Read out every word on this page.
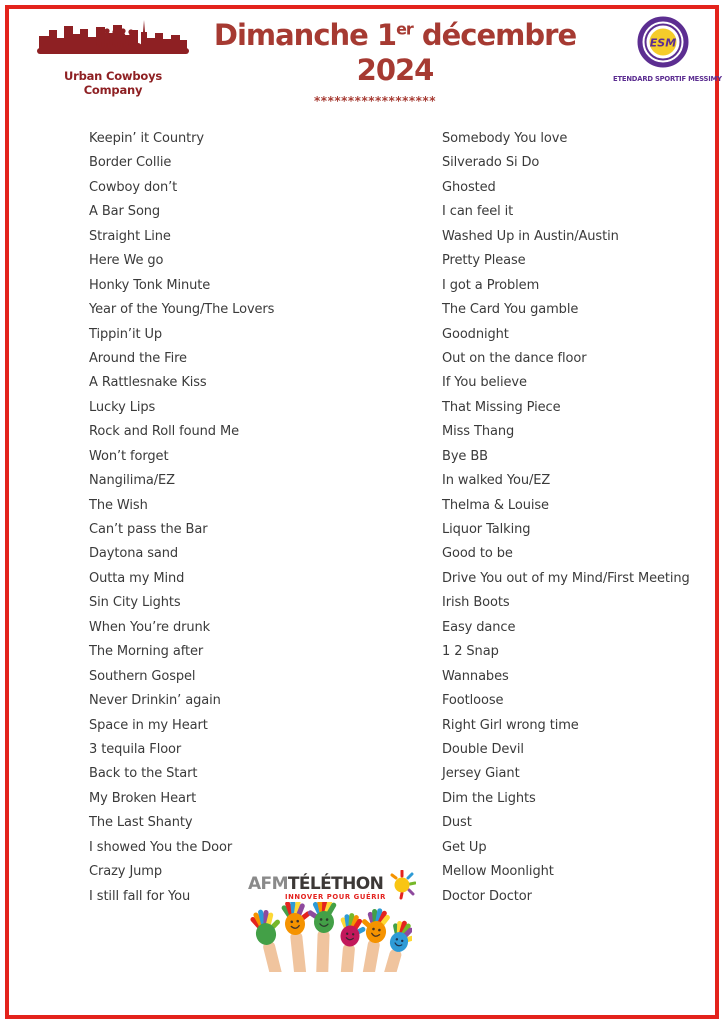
Urban Cowboys Company
Dimanche 1er décembre 2024
******************
ESM
ETENDARD SPORTIF MESSIMY
Keepin’ it Country
Border Collie
Cowboy don’t
A Bar Song
Straight Line
Here We go
Honky Tonk Minute
Year of the Young/The Lovers
Tippin’it Up
Around the Fire
A Rattlesnake Kiss
Lucky Lips
Rock and Roll found Me
Won’t forget
Nangilima/EZ
The Wish
Can’t pass the Bar
Daytona sand
Outta my Mind
Sin City Lights
When You’re drunk
The Morning after
Southern Gospel
Never Drinkin’ again
Space in my Heart
3 tequila Floor
Back to the Start
My Broken Heart
The Last Shanty
I showed You the Door
Crazy Jump
I still fall for You
Somebody You love
Silverado Si Do
Ghosted
I can feel it
Washed Up in Austin/Austin
Pretty Please
I got a Problem
The Card You gamble
Goodnight
Out on the dance floor
If You believe
That Missing Piece
Miss Thang
Bye BB
In walked You/EZ
Thelma & Louise
Liquor Talking
Good to be
Drive You out of my Mind/First Meeting
Irish Boots
Easy dance
1 2 Snap
Wannabes
Footloose
Right Girl wrong time
Double Devil
Jersey Giant
Dim the Lights
Dust
Get Up
Mellow Moonlight
Doctor Doctor
AFMTÉLÉTHON
INNOVER POUR GUÉRIR
